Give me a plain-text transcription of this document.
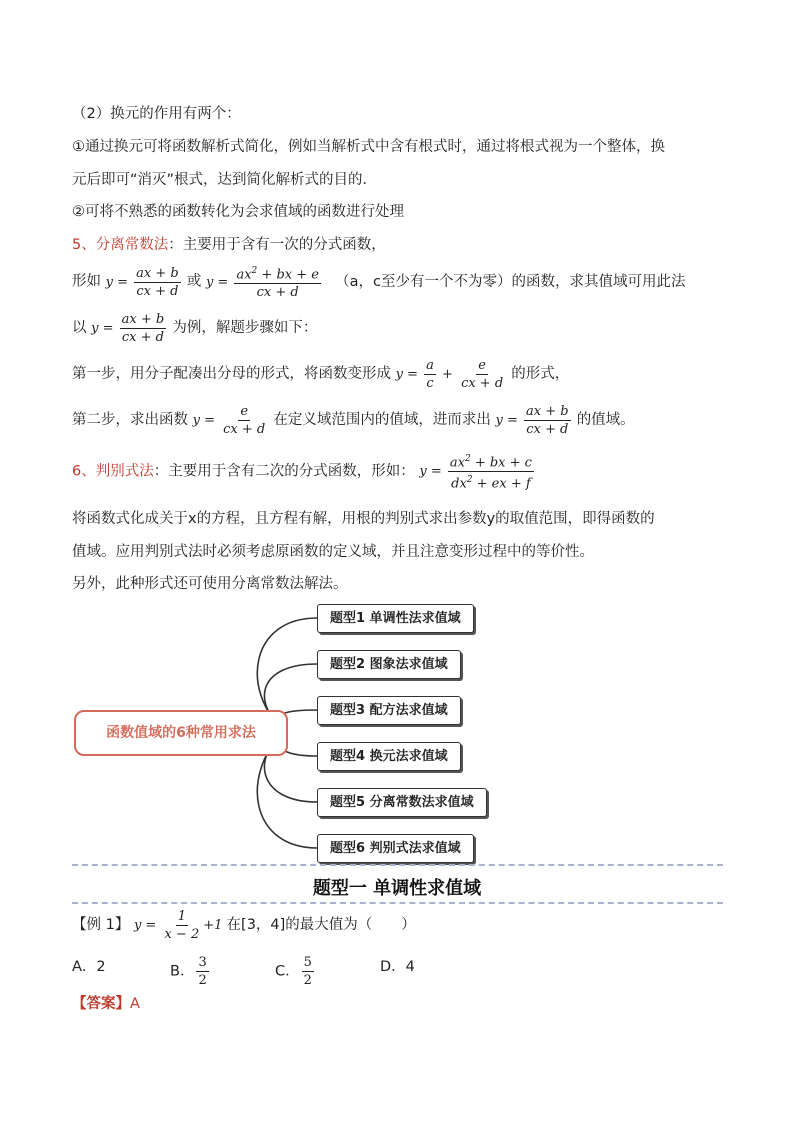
（2）换元的作用有两个：
①通过换元可将函数解析式简化，例如当解析式中含有根式时，通过将根式视为一个整体，换
元后即可“消灭”根式，达到简化解析式的目的．
②可将不熟悉的函数转化为会求值域的函数进行处理
5、分离常数法：主要用于含有一次的分式函数，
形如 $y = \frac{ax + b}{cx + d}$ 或 $y = \frac{ax^2 + bx + e}{cx + d} (a$，c至少有一个不为零）的函数，求其值域可用此法
以 $y = \frac{ax + b}{cx + d}$ 为例，解题步骤如下：
第一步，用分子配凑出分母的形式，将函数变形成 $y = \frac{a}{c} + \frac{e}{cx + d}$ 的形式，
第二步，求出函数 $y = \frac{e}{cx + d}$ 在定义域范围内的值域，进而求出 $y = \frac{ax + b}{cx + d}$ 的值域。
6、判别式法：主要用于含有二次的分式函数，形如： $y = \frac{ax^2 + bx + c}{dx^2 + ex + f}$
将函数式化成关于x的方程，且方程有解，用根的判别式求出参数y的取值范围，即得函数的
值域。应用判别式法时必须考虑原函数的定义域，并且注意变形过程中的等价性。
另外，此种形式还可使用分离常数法解法。
函数值域的6种常用求法
题型1 单调性法求值域
题型2 图象法求值域
题型3 配方法求值域
题型4 换元法求值域
题型5 分离常数法求值域
题型6 判别式法求值域
题型一 单调性求值域
【例 1】 $y = \frac{1}{x - 2} +1$ 在[3，4]的最大值为（　　）
A．2	B． $\frac{3}{2}$	C． $\frac{5}{2}$	D．4
【答案】A
